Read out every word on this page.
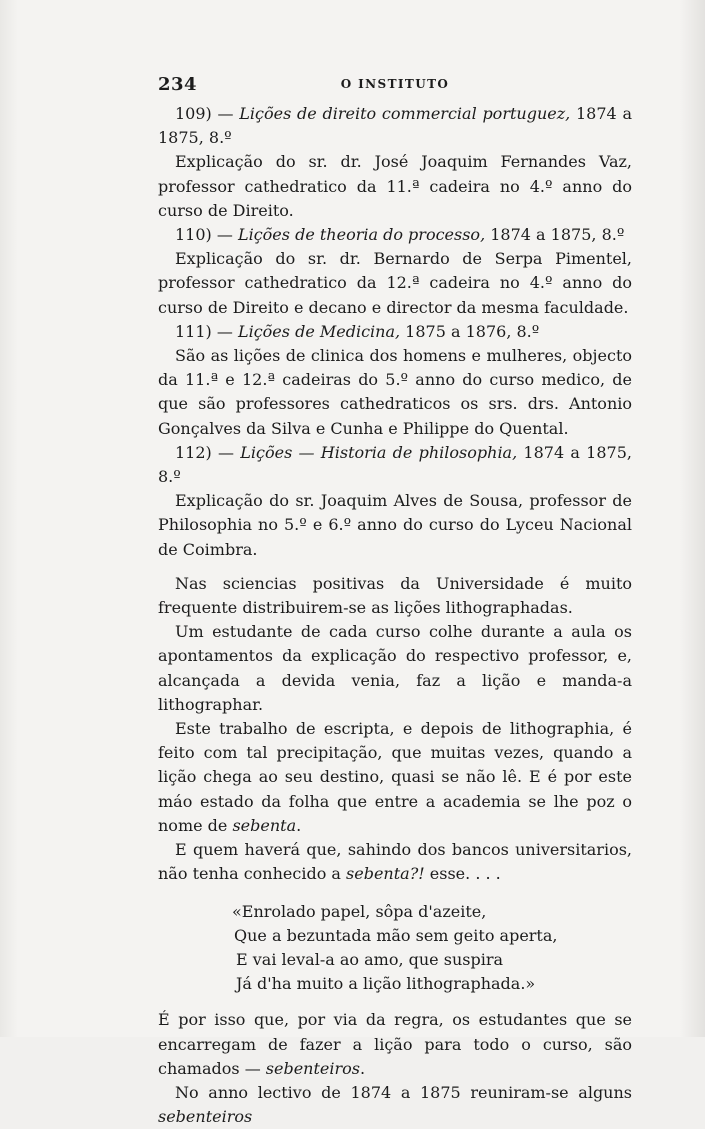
234	O INSTITUTO

109) — Lições de direito commercial portuguez, 1874 a 1875, 8.º

Explicação do sr. dr. José Joaquim Fernandes Vaz, professor cathedratico da 11.ª cadeira no 4.º anno do curso de Direito.

110) — Lições de theoria do processo, 1874 a 1875, 8.º

Explicação do sr. dr. Bernardo de Serpa Pimentel, professor cathedratico da 12.ª cadeira no 4.º anno do curso de Direito e decano e director da mesma faculdade.

111) — Lições de Medicina, 1875 a 1876, 8.º

São as lições de clinica dos homens e mulheres, objecto da 11.ª e 12.ª cadeiras do 5.º anno do curso medico, de que são professores cathedraticos os srs. drs. Antonio Gonçalves da Silva e Cunha e Philippe do Quental.

112) — Lições — Historia de philosophia, 1874 a 1875, 8.º

Explicação do sr. Joaquim Alves de Sousa, professor de Philosophia no 5.º e 6.º anno do curso do Lyceu Nacional de Coimbra.

Nas sciencias positivas da Universidade é muito frequente distribuirem-se as lições lithographadas.

Um estudante de cada curso colhe durante a aula os apontamentos da explicação do respectivo professor, e, alcançada a devida venia, faz a lição e manda-a lithographar.

Este trabalho de escripta, e depois de lithographia, é feito com tal precipitação, que muitas vezes, quando a lição chega ao seu destino, quasi se não lê. E é por este máo estado da folha que entre a academia se lhe poz o nome de sebenta.

E quem haverá que, sahindo dos bancos universitarios, não tenha conhecido a sebenta?! esse. . . .

«Enrolado papel, sôpa d'azeite,
Que a bezuntada mão sem geito aperta,
E vai leval-a ao amo, que suspira
Já d'ha muito a lição lithographada.»

É por isso que, por via da regra, os estudantes que se encarregam de fazer a lição para todo o curso, são chamados — sebenteiros.

No anno lectivo de 1874 a 1875 reuniram-se alguns sebenteiros
